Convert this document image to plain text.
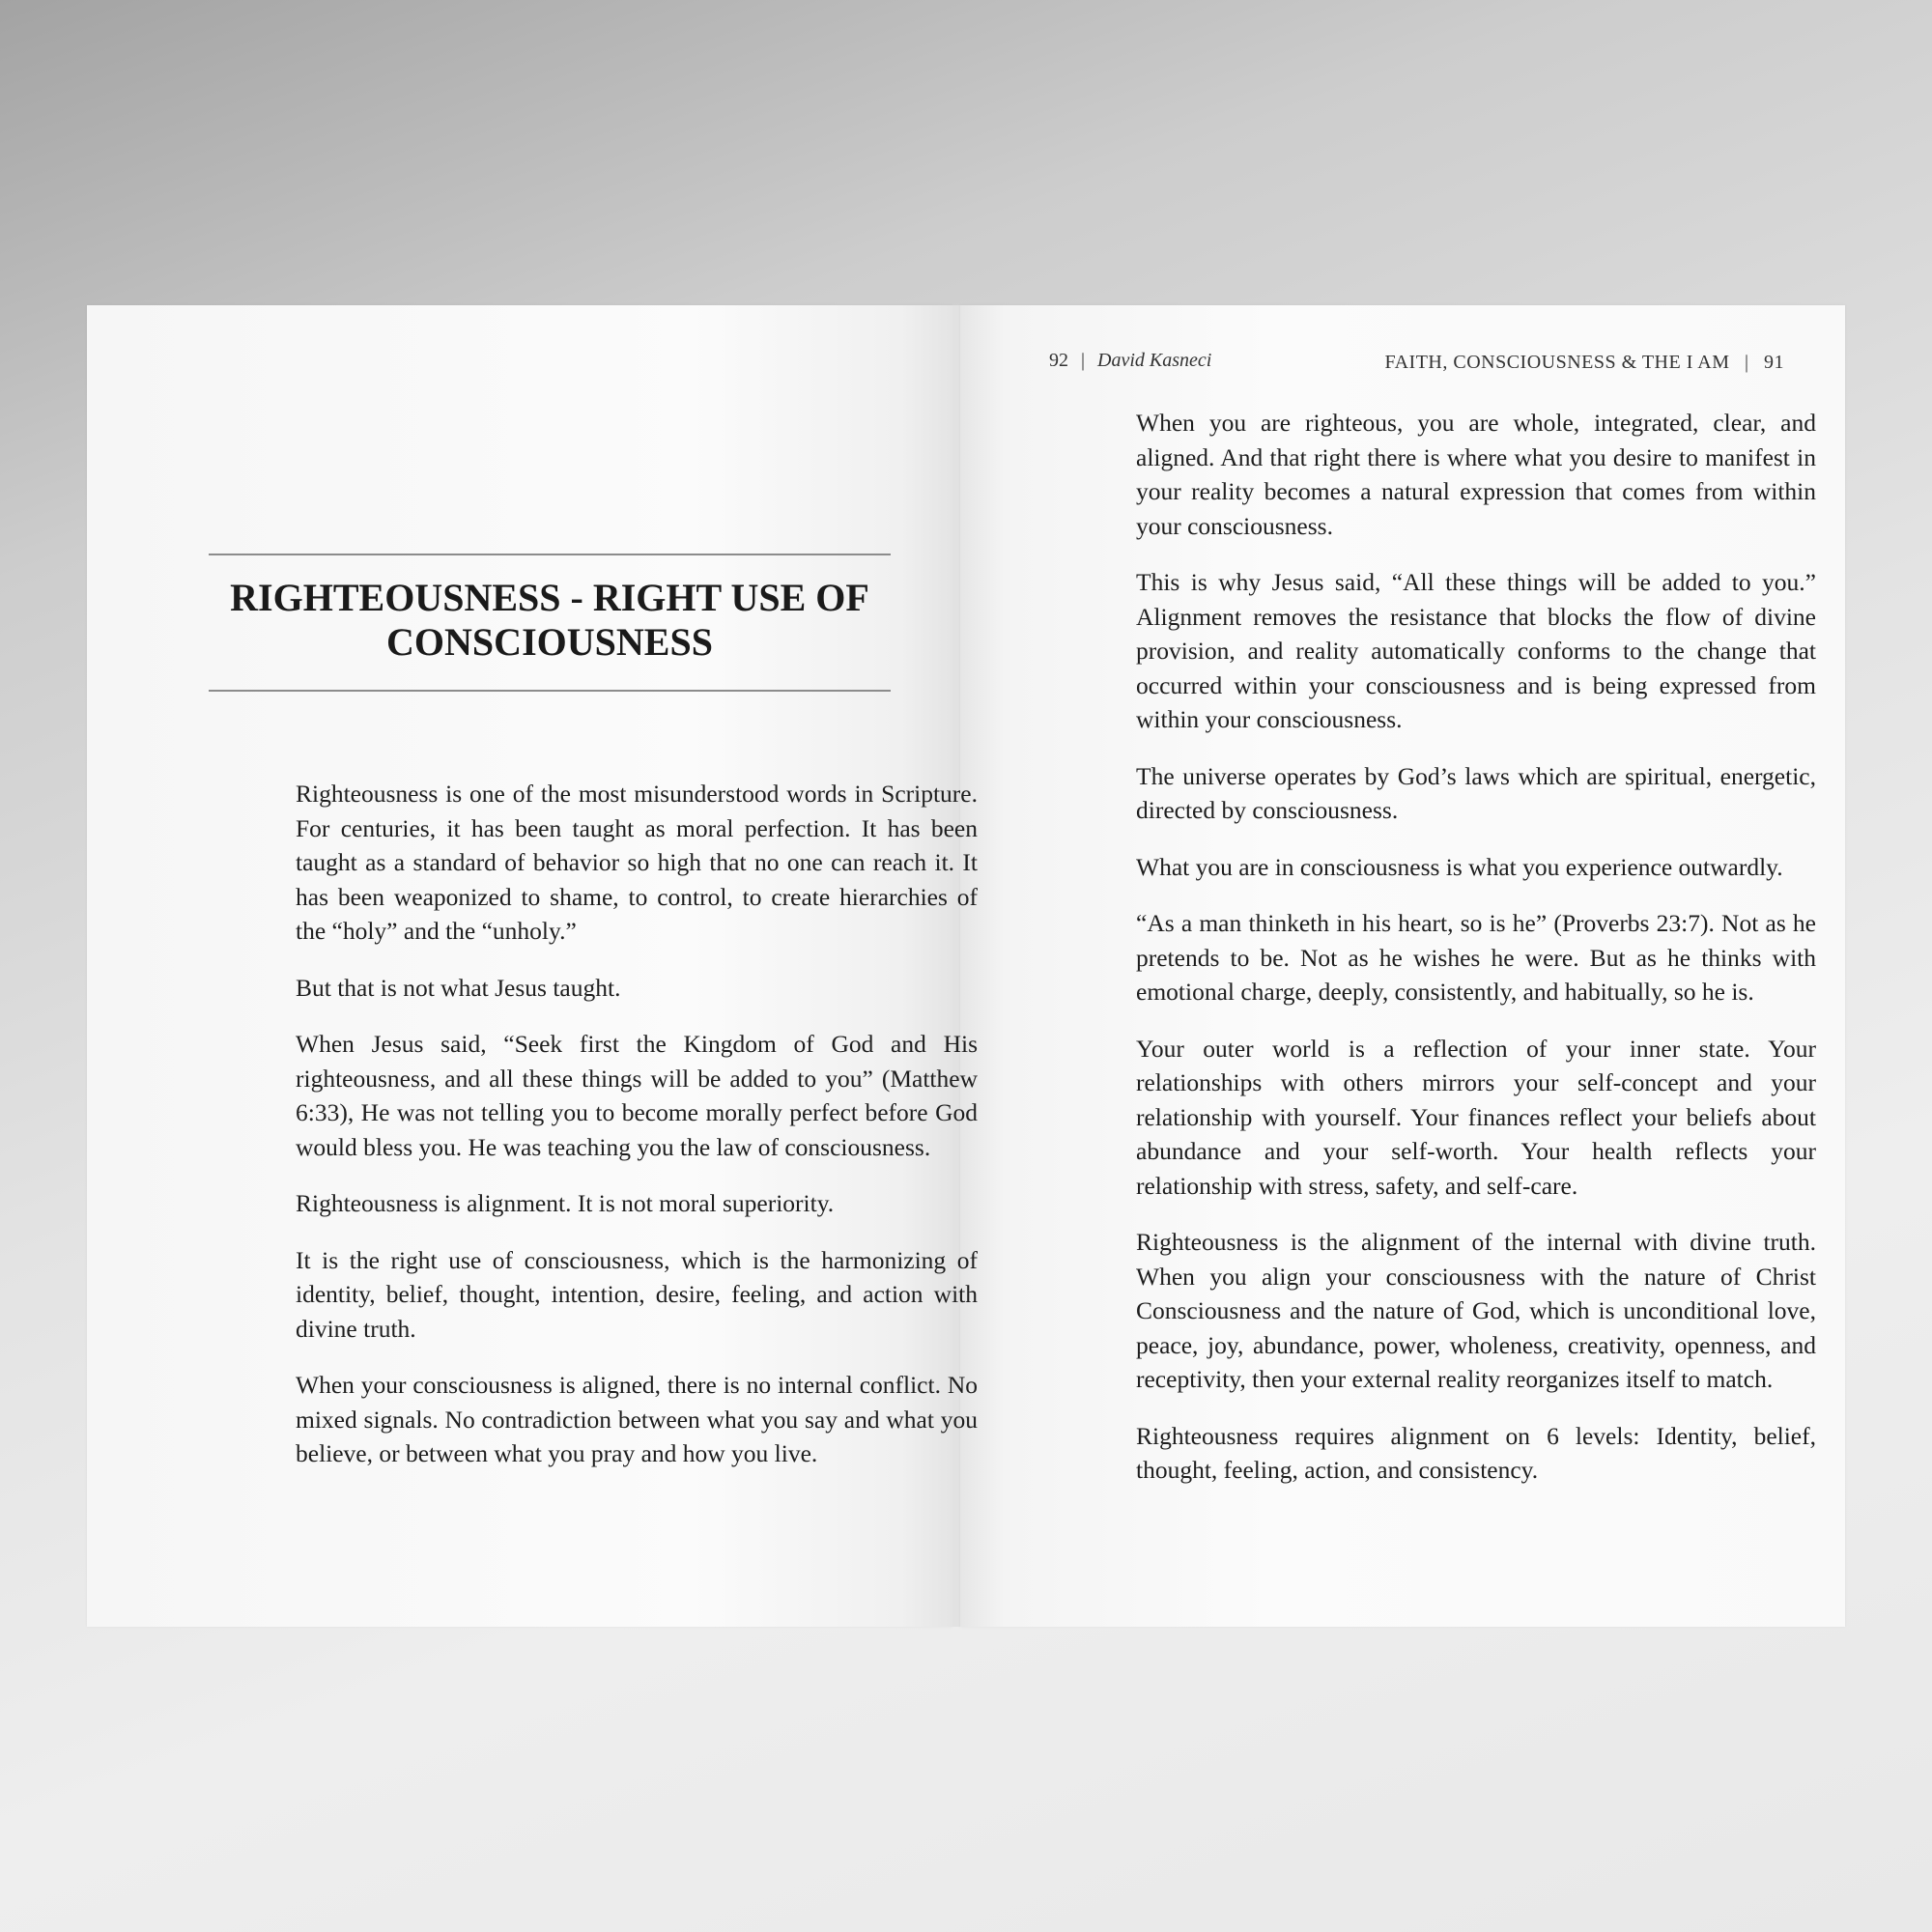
FAITH, CONSCIOUSNESS & THE I AM | 91
RIGHTEOUSNESS - RIGHT USE OF
CONSCIOUSNESS

Righteousness is one of the most misunderstood words in Scripture. For centuries, it has been taught as moral perfection. It has been taught as a standard of behavior so high that no one can reach it. It has been weaponized to shame, to control, to create hierarchies of the “holy” and the “unholy.”

But that is not what Jesus taught.

When Jesus said, “Seek first the Kingdom of God and His righteousness, and all these things will be added to you” (Matthew 6:33), He was not telling you to become morally perfect before God would bless you. He was teaching you the law of consciousness.

Righteousness is alignment. It is not moral superiority.

It is the right use of consciousness, which is the harmonizing of identity, belief, thought, intention, desire, feeling, and action with divine truth.

When your consciousness is aligned, there is no internal conflict. No mixed signals. No contradiction between what you say and what you believe, or between what you pray and how you live.

92 | David Kasneci

When you are righteous, you are whole, integrated, clear, and aligned. And that right there is where what you desire to manifest in your reality becomes a natural expression that comes from within your consciousness.

This is why Jesus said, “All these things will be added to you.” Alignment removes the resistance that blocks the flow of divine provision, and reality automatically conforms to the change that occurred within your consciousness and is being expressed from within your consciousness.

The universe operates by God’s laws which are spiritual, energetic, directed by consciousness.

What you are in consciousness is what you experience outwardly.

“As a man thinketh in his heart, so is he” (Proverbs 23:7). Not as he pretends to be. Not as he wishes he were. But as he thinks with emotional charge, deeply, consistently, and habitually, so he is.

Your outer world is a reflection of your inner state. Your relationships with others mirrors your self-concept and your relationship with yourself. Your finances reflect your beliefs about abundance and your self-worth. Your health reflects your relationship with stress, safety, and self-care.

Righteousness is the alignment of the internal with divine truth. When you align your consciousness with the nature of Christ Consciousness and the nature of God, which is unconditional love, peace, joy, abundance, power, wholeness, creativity, openness, and receptivity, then your external reality reorganizes itself to match.

Righteousness requires alignment on 6 levels: Identity, belief, thought, feeling, action, and consistency.
